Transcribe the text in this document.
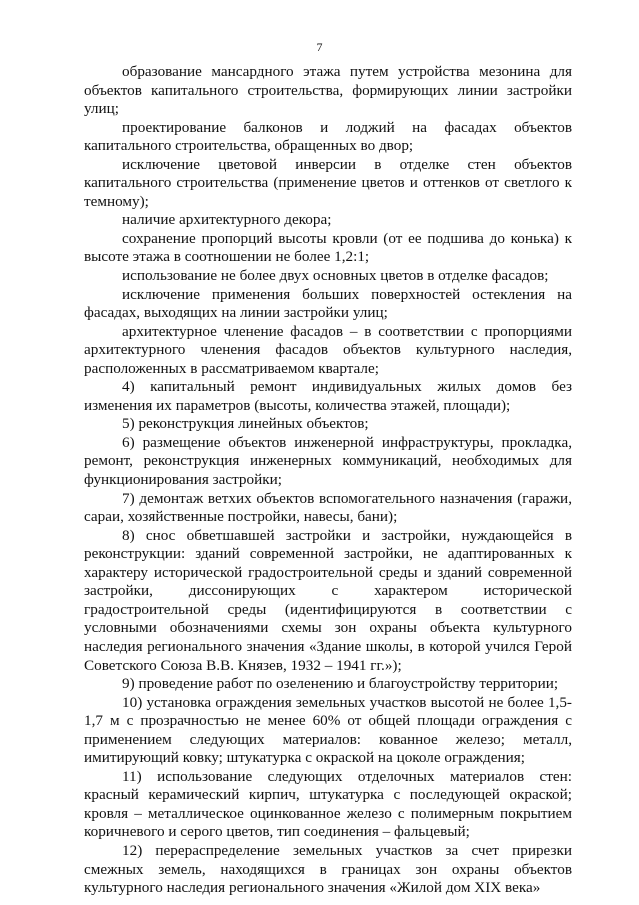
7

образование мансардного этажа путем устройства мезонина для объектов капитального строительства, формирующих линии застройки улиц;

проектирование балконов и лоджий на фасадах объектов капитального строительства, обращенных во двор;

исключение цветовой инверсии в отделке стен объектов капитального строительства (применение цветов и оттенков от светлого к темному);

наличие архитектурного декора;

сохранение пропорций высоты кровли (от ее подшива до конька) к высоте этажа в соотношении не более 1,2:1;

использование не более двух основных цветов в отделке фасадов;

исключение применения больших поверхностей остекления на фасадах, выходящих на линии застройки улиц;

архитектурное членение фасадов – в соответствии с пропорциями архитектурного членения фасадов объектов культурного наследия, расположенных в рассматриваемом квартале;

4) капитальный ремонт индивидуальных жилых домов без изменения их параметров (высоты, количества этажей, площади);

5) реконструкция линейных объектов;

6) размещение объектов инженерной инфраструктуры, прокладка, ремонт, реконструкция инженерных коммуникаций, необходимых для функционирования застройки;

7) демонтаж ветхих объектов вспомогательного назначения (гаражи, сараи, хозяйственные постройки, навесы, бани);

8) снос обветшавшей застройки и застройки, нуждающейся в реконструкции: зданий современной застройки, не адаптированных к характеру исторической градостроительной среды и зданий современной застройки, диссонирующих с характером исторической градостроительной среды (идентифицируются в соответствии с условными обозначениями схемы зон охраны объекта культурного наследия регионального значения «Здание школы, в которой учился Герой Советского Союза В.В. Князев, 1932 – 1941 гг.»);

9) проведение работ по озеленению и благоустройству территории;

10) установка ограждения земельных участков высотой не более 1,5-1,7 м с прозрачностью не менее 60% от общей площади ограждения с применением следующих материалов: кованное железо; металл, имитирующий ковку; штукатурка с окраской на цоколе ограждения;

11) использование следующих отделочных материалов стен: красный керамический кирпич, штукатурка с последующей окраской; кровля – металлическое оцинкованное железо с полимерным покрытием коричневого и серого цветов, тип соединения – фальцевый;

12) перераспределение земельных участков за счет прирезки смежных земель, находящихся в границах зон охраны объектов культурного наследия регионального значения «Жилой дом XIX века»
